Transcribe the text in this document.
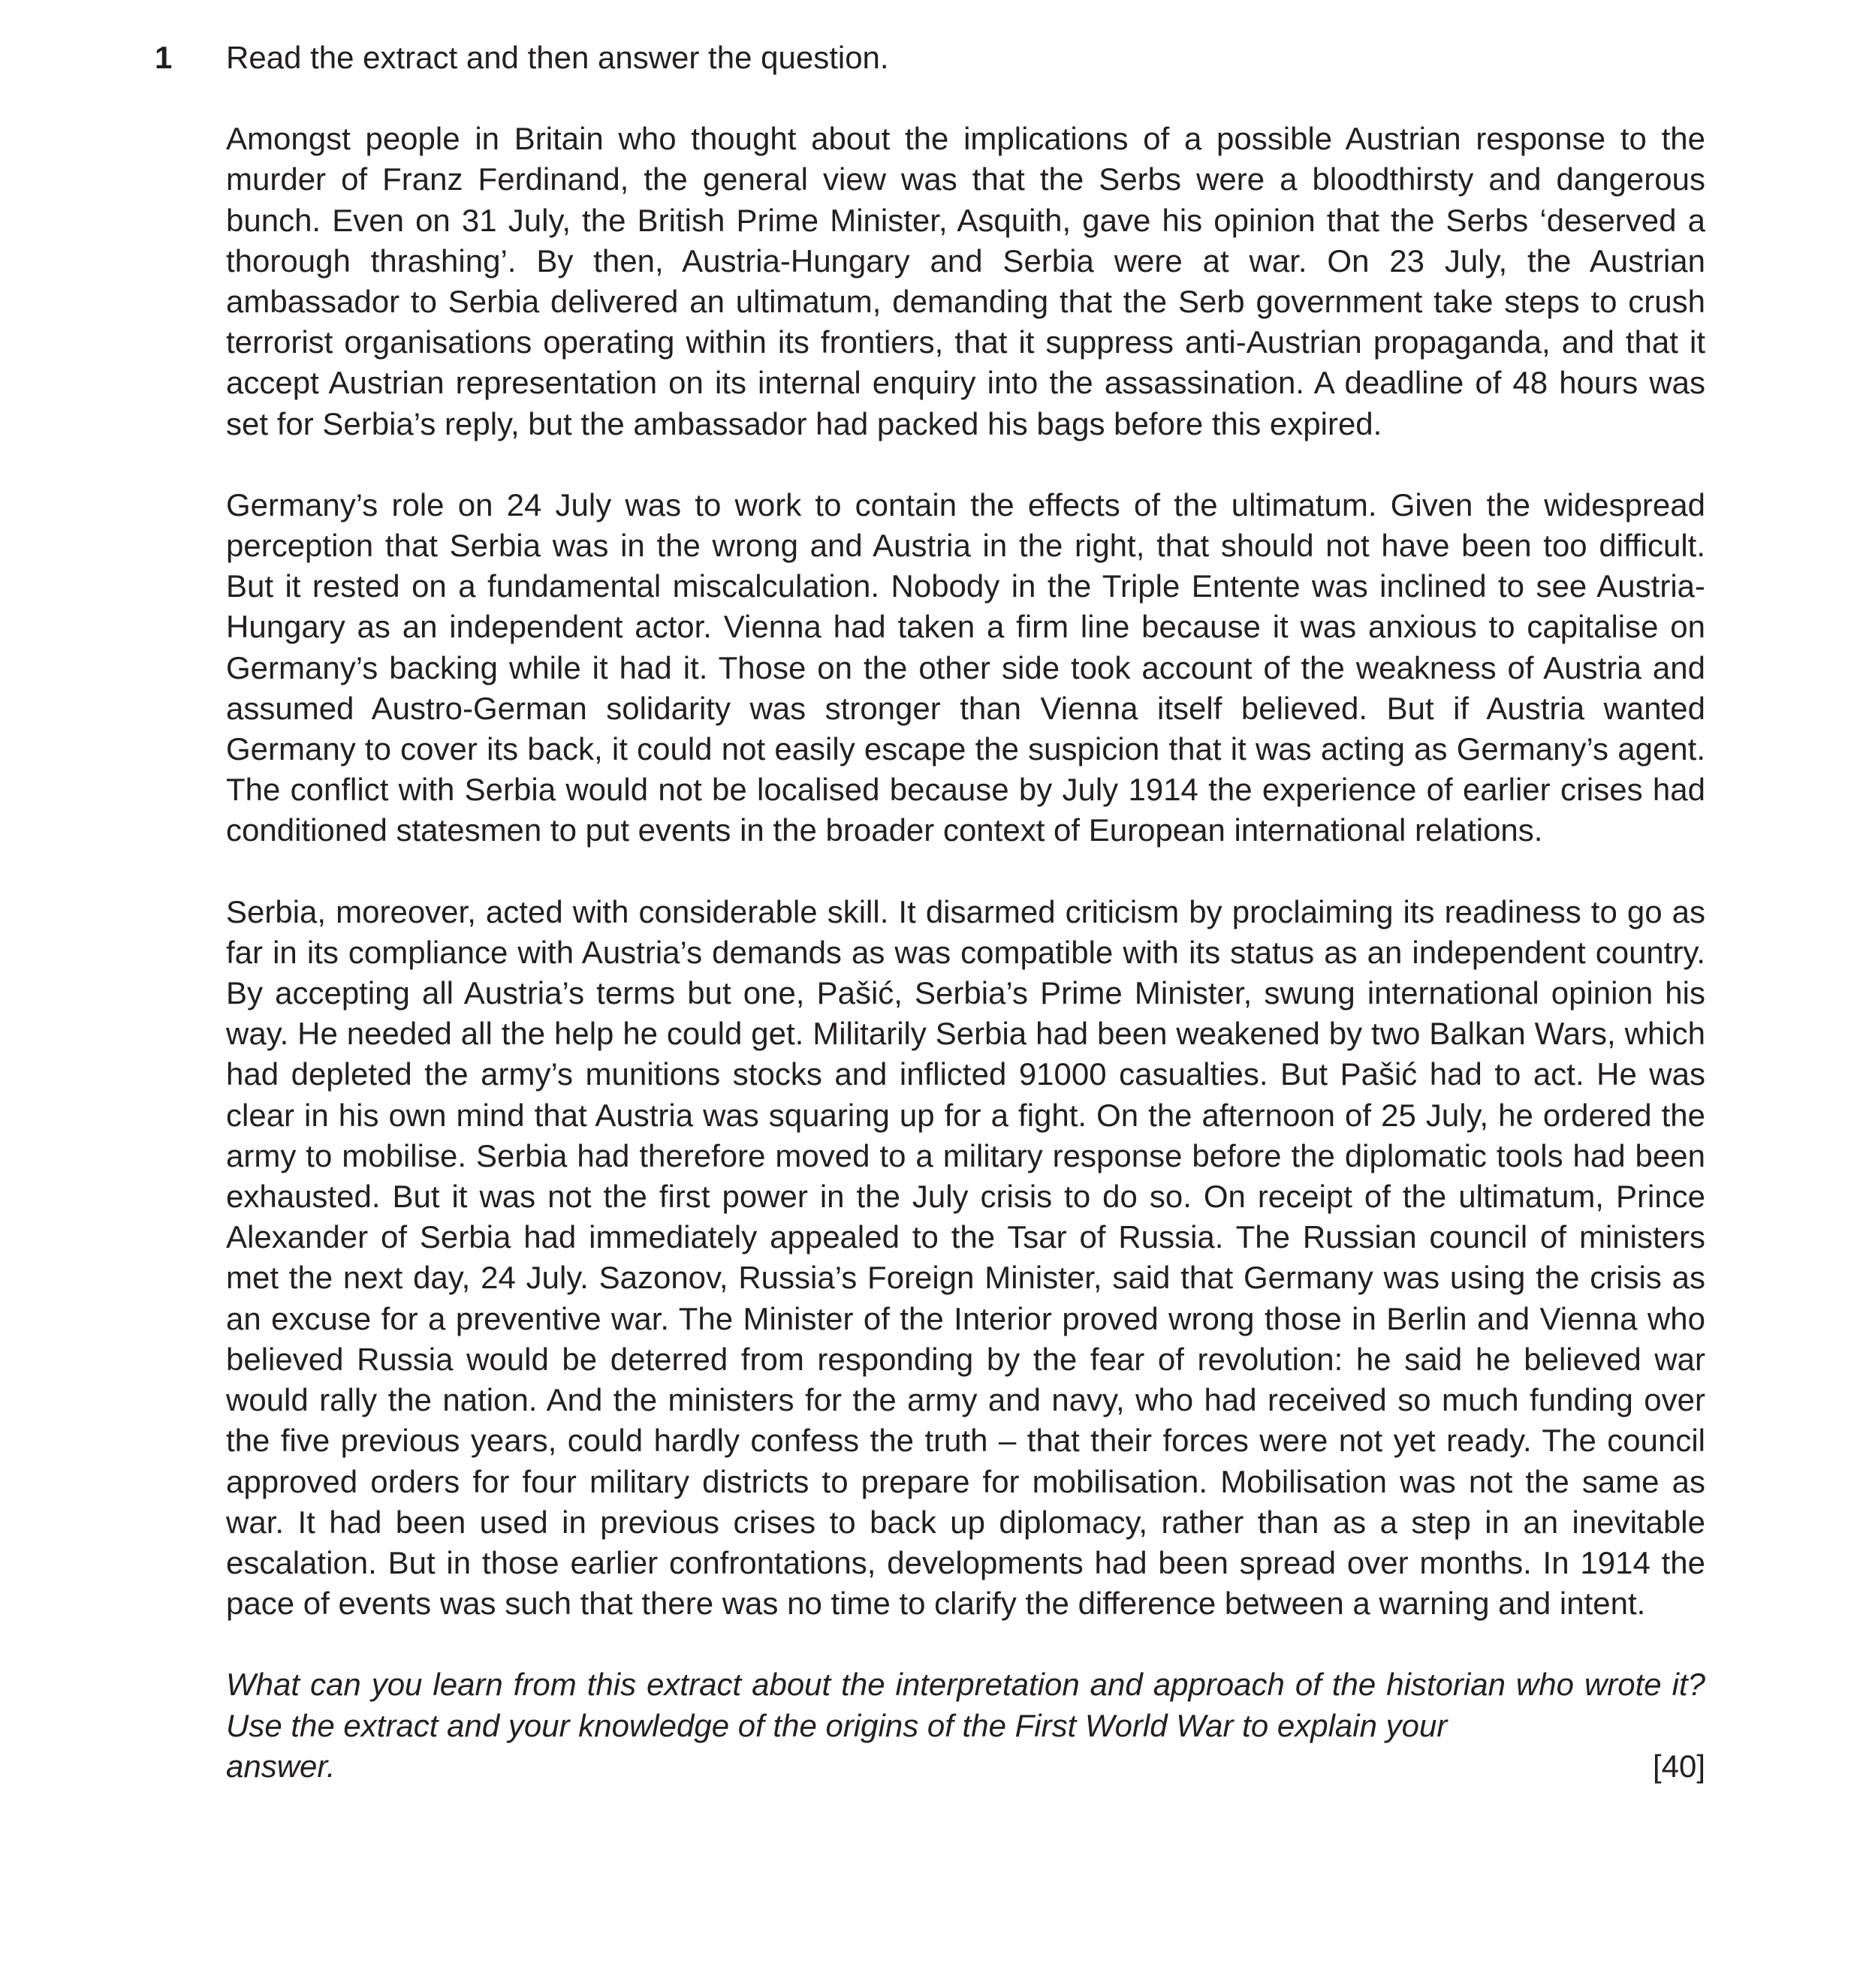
1 Read the extract and then answer the question.

Amongst people in Britain who thought about the implications of a possible Austrian response to the murder of Franz Ferdinand, the general view was that the Serbs were a bloodthirsty and dangerous bunch. Even on 31 July, the British Prime Minister, Asquith, gave his opinion that the Serbs ‘deserved a thorough thrashing’. By then, Austria-Hungary and Serbia were at war. On 23 July, the Austrian ambassador to Serbia delivered an ultimatum, demanding that the Serb government take steps to crush terrorist organisations operating within its frontiers, that it suppress anti-Austrian propaganda, and that it accept Austrian representation on its internal enquiry into the assassination. A deadline of 48 hours was set for Serbia’s reply, but the ambassador had packed his bags before this expired.

Germany’s role on 24 July was to work to contain the effects of the ultimatum. Given the widespread perception that Serbia was in the wrong and Austria in the right, that should not have been too difficult. But it rested on a fundamental miscalculation. Nobody in the Triple Entente was inclined to see Austria-Hungary as an independent actor. Vienna had taken a firm line because it was anxious to capitalise on Germany’s backing while it had it. Those on the other side took account of the weakness of Austria and assumed Austro-German solidarity was stronger than Vienna itself believed. But if Austria wanted Germany to cover its back, it could not easily escape the suspicion that it was acting as Germany’s agent. The conflict with Serbia would not be localised because by July 1914 the experience of earlier crises had conditioned statesmen to put events in the broader context of European international relations.

Serbia, moreover, acted with considerable skill. It disarmed criticism by proclaiming its readiness to go as far in its compliance with Austria’s demands as was compatible with its status as an independent country. By accepting all Austria’s terms but one, Pašić, Serbia’s Prime Minister, swung international opinion his way. He needed all the help he could get. Militarily Serbia had been weakened by two Balkan Wars, which had depleted the army’s munitions stocks and inflicted 91000 casualties. But Pašić had to act. He was clear in his own mind that Austria was squaring up for a fight. On the afternoon of 25 July, he ordered the army to mobilise. Serbia had therefore moved to a military response before the diplomatic tools had been exhausted. But it was not the first power in the July crisis to do so. On receipt of the ultimatum, Prince Alexander of Serbia had immediately appealed to the Tsar of Russia. The Russian council of ministers met the next day, 24 July. Sazonov, Russia’s Foreign Minister, said that Germany was using the crisis as an excuse for a preventive war. The Minister of the Interior proved wrong those in Berlin and Vienna who believed Russia would be deterred from responding by the fear of revolution: he said he believed war would rally the nation. And the ministers for the army and navy, who had received so much funding over the five previous years, could hardly confess the truth – that their forces were not yet ready. The council approved orders for four military districts to prepare for mobilisation. Mobilisation was not the same as war. It had been used in previous crises to back up diplomacy, rather than as a step in an inevitable escalation. But in those earlier confrontations, developments had been spread over months. In 1914 the pace of events was such that there was no time to clarify the difference between a warning and intent.

What can you learn from this extract about the interpretation and approach of the historian who wrote it? Use the extract and your knowledge of the origins of the First World War to explain your
answer.	[40]
